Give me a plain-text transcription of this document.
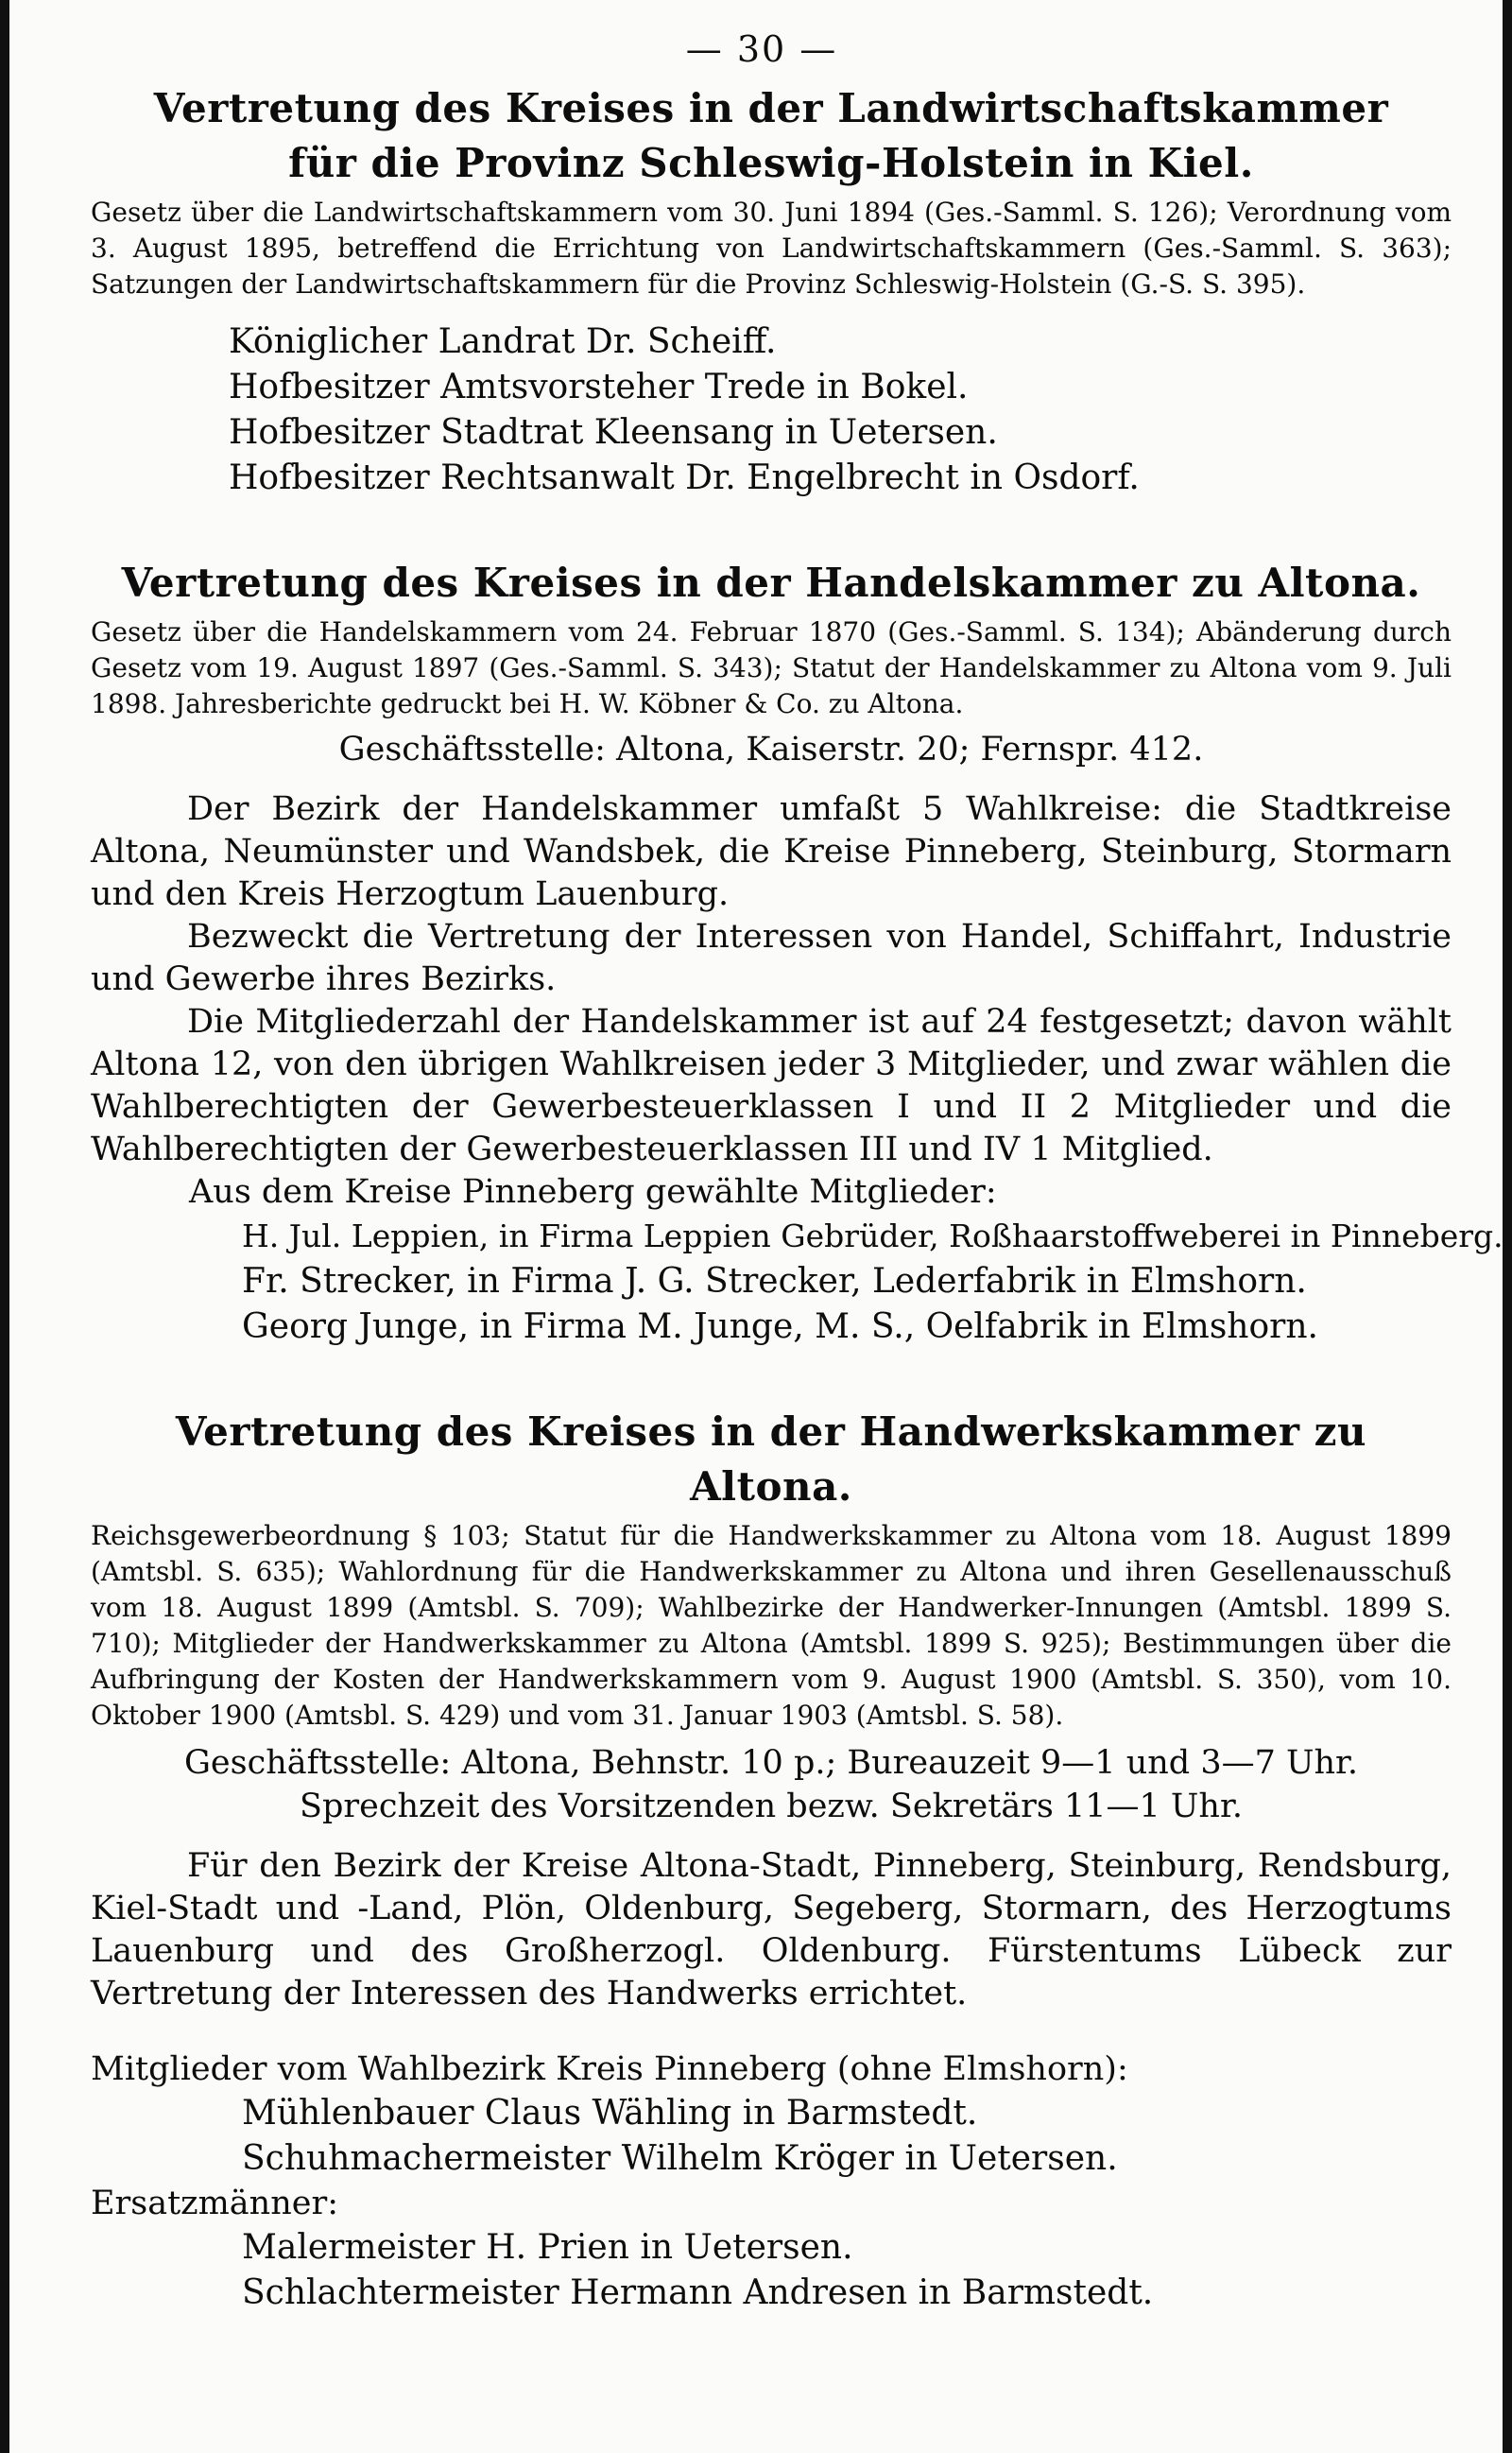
— 30 —
Vertretung des Kreises in der Landwirtschaftskammer
für die Provinz Schleswig-Holstein in Kiel.
Gesetz über die Landwirtschaftskammern vom 30. Juni 1894 (Ges.-Samml. S. 126); Verordnung vom 3. August 1895, betreffend die Errichtung von Landwirtschaftskammern (Ges.-Samml. S. 363); Satzungen der Landwirtschaftskammern für die Provinz Schleswig-Holstein (G.-S. S. 395).
Königlicher Landrat Dr. Scheiff.
Hofbesitzer Amtsvorsteher Trede in Bokel.
Hofbesitzer Stadtrat Kleensang in Uetersen.
Hofbesitzer Rechtsanwalt Dr. Engelbrecht in Osdorf.
Vertretung des Kreises in der Handelskammer zu Altona.
Gesetz über die Handelskammern vom 24. Februar 1870 (Ges.-Samml. S. 134); Abänderung durch Gesetz vom 19. August 1897 (Ges.-Samml. S. 343); Statut der Handelskammer zu Altona vom 9. Juli 1898. Jahresberichte gedruckt bei H. W. Köbner & Co. zu Altona.
Geschäftsstelle: Altona, Kaiserstr. 20; Fernspr. 412.

Der Bezirk der Handelskammer umfaßt 5 Wahlkreise: die Stadtkreise Altona, Neumünster und Wandsbek, die Kreise Pinneberg, Steinburg, Stormarn und den Kreis Herzogtum Lauenburg.

Bezweckt die Vertretung der Interessen von Handel, Schiffahrt, Industrie und Gewerbe ihres Bezirks.

Die Mitgliederzahl der Handelskammer ist auf 24 festgesetzt; davon wählt Altona 12, von den übrigen Wahlkreisen jeder 3 Mitglieder, und zwar wählen die Wahlberechtigten der Gewerbesteuerklassen I und II 2 Mitglieder und die Wahlberechtigten der Gewerbesteuerklassen III und IV 1 Mitglied.

Aus dem Kreise Pinneberg gewählte Mitglieder:

H. Jul. Leppien, in Firma Leppien Gebrüder, Roßhaarstoffweberei in Pinneberg.
Fr. Strecker, in Firma J. G. Strecker, Lederfabrik in Elmshorn.
Georg Junge, in Firma M. Junge, M. S., Oelfabrik in Elmshorn.
Vertretung des Kreises in der Handwerkskammer zu Altona.
Reichsgewerbeordnung § 103; Statut für die Handwerkskammer zu Altona vom 18. August 1899 (Amtsbl. S. 635); Wahlordnung für die Handwerkskammer zu Altona und ihren Gesellenausschuß vom 18. August 1899 (Amtsbl. S. 709); Wahlbezirke der Handwerker-Innungen (Amtsbl. 1899 S. 710); Mitglieder der Handwerkskammer zu Altona (Amtsbl. 1899 S. 925); Bestimmungen über die Aufbringung der Kosten der Handwerkskammern vom 9. August 1900 (Amtsbl. S. 350), vom 10. Oktober 1900 (Amtsbl. S. 429) und vom 31. Januar 1903 (Amtsbl. S. 58).
Geschäftsstelle: Altona, Behnstr. 10 p.; Bureauzeit 9—1 und 3—7 Uhr.
Sprechzeit des Vorsitzenden bezw. Sekretärs 11—1 Uhr.

Für den Bezirk der Kreise Altona-Stadt, Pinneberg, Steinburg, Rendsburg, Kiel-Stadt und -Land, Plön, Oldenburg, Segeberg, Stormarn, des Herzogtums Lauenburg und des Großherzogl. Oldenburg. Fürstentums Lübeck zur Vertretung der Interessen des Handwerks errichtet.

Mitglieder vom Wahlbezirk Kreis Pinneberg (ohne Elmshorn):
Mühlenbauer Claus Wähling in Barmstedt.
Schuhmachermeister Wilhelm Kröger in Uetersen.
Ersatzmänner:
Malermeister H. Prien in Uetersen.
Schlachtermeister Hermann Andresen in Barmstedt.
